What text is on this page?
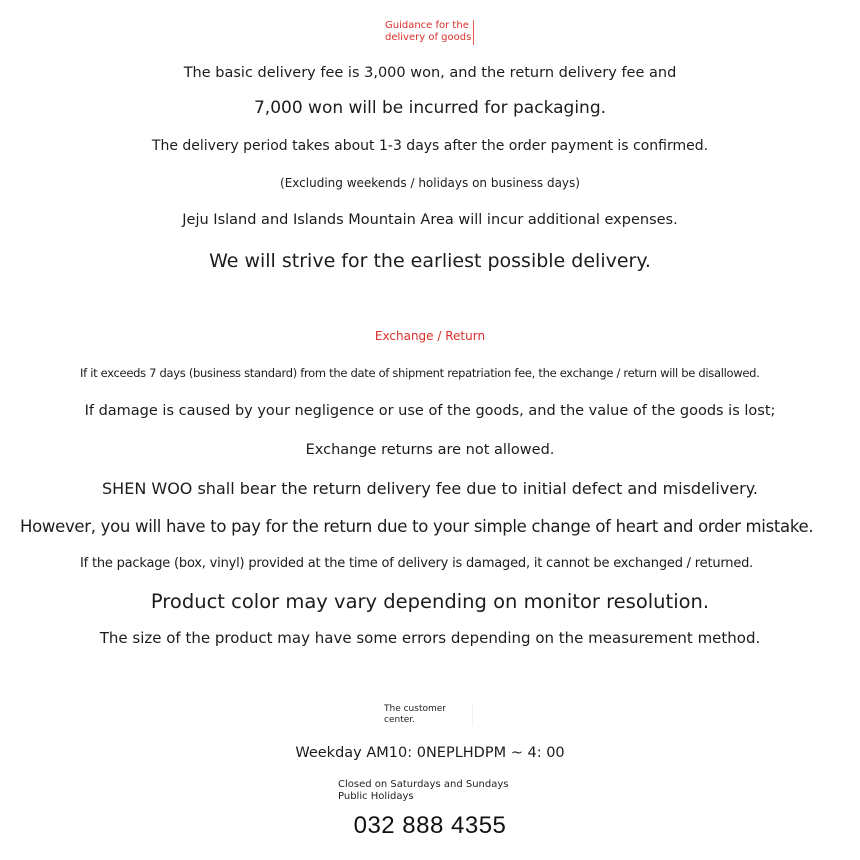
Guidance for the
delivery of goods
The basic delivery fee is 3,000 won, and the return delivery fee and
7,000 won will be incurred for packaging.
The delivery period takes about 1-3 days after the order payment is confirmed.
(Excluding weekends / holidays on business days)
Jeju Island and Islands Mountain Area will incur additional expenses.
We will strive for the earliest possible delivery.
Exchange / Return
If it exceeds 7 days (business standard) from the date of shipment repatriation fee, the exchange / return will be disallowed.
If damage is caused by your negligence or use of the goods, and the value of the goods is lost;
Exchange returns are not allowed.
SHEN WOO shall bear the return delivery fee due to initial defect and misdelivery.
However, you will have to pay for the return due to your simple change of heart and order mistake.
If the package (box, vinyl) provided at the time of delivery is damaged, it cannot be exchanged / returned.
Product color may vary depending on monitor resolution.
The size of the product may have some errors depending on the measurement method.
The customer
center.
Weekday AM10: 0NEPLHDPM ~ 4: 00
Closed on Saturdays and Sundays
Public Holidays
032 888 4355
